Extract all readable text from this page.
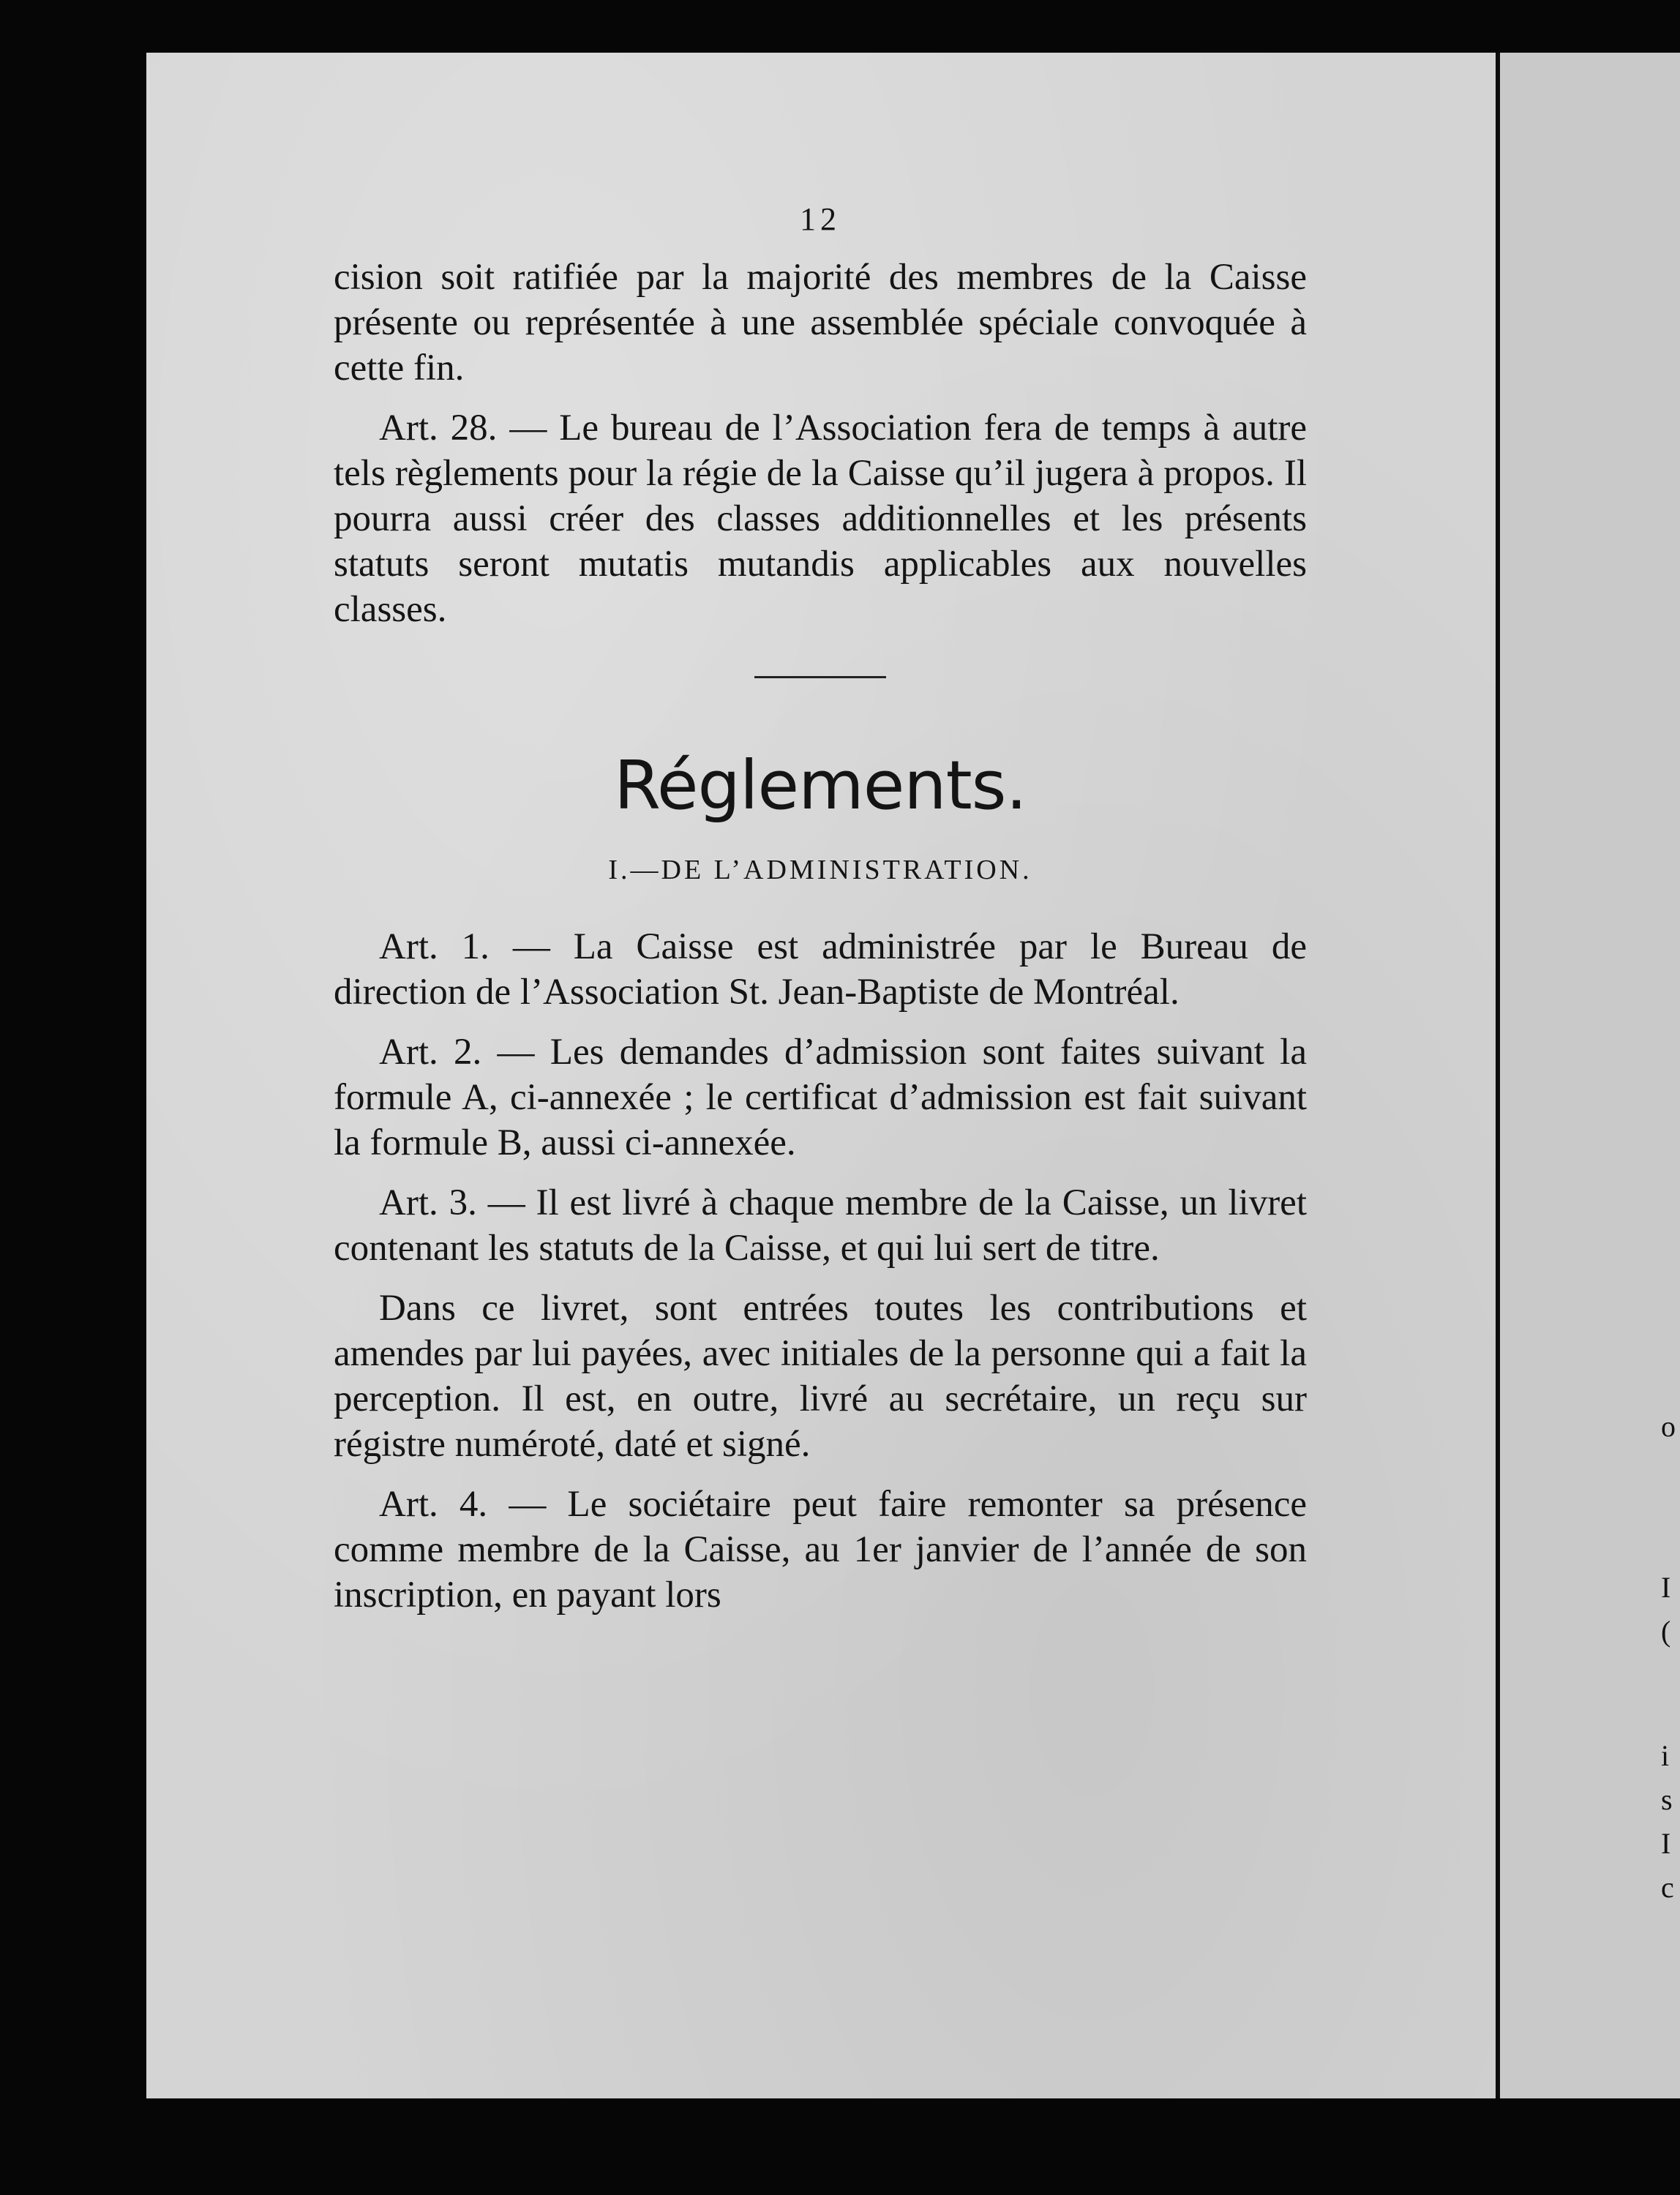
o
I
(
i
s
I
c
12

cision soit ratifiée par la majorité des membres de la Caisse présente ou représentée à une assemblée spéciale convoquée à cette fin.

Art. 28. — Le bureau de l’Association fera de temps à autre tels règlements pour la régie de la Caisse qu’il jugera à propos. Il pourra aussi créer des classes additionnelles et les présents statuts seront mutatis mutandis applicables aux nouvelles classes.

Réglements.
I.—DE L’ADMINISTRATION.

Art. 1. — La Caisse est administrée par le Bureau de direction de l’Association St. Jean-Baptiste de Montréal.

Art. 2. — Les demandes d’admission sont faites suivant la formule A, ci-annexée ; le certificat d’admission est fait suivant la formule B, aussi ci-annexée.

Art. 3. — Il est livré à chaque membre de la Caisse, un livret contenant les statuts de la Caisse, et qui lui sert de titre.

Dans ce livret, sont entrées toutes les contributions et amendes par lui payées, avec initiales de la personne qui a fait la perception. Il est, en outre, livré au secrétaire, un reçu sur régistre numéroté, daté et signé.

Art. 4. — Le sociétaire peut faire remonter sa présence comme membre de la Caisse, au 1er janvier de l’année de son inscription, en payant lors
